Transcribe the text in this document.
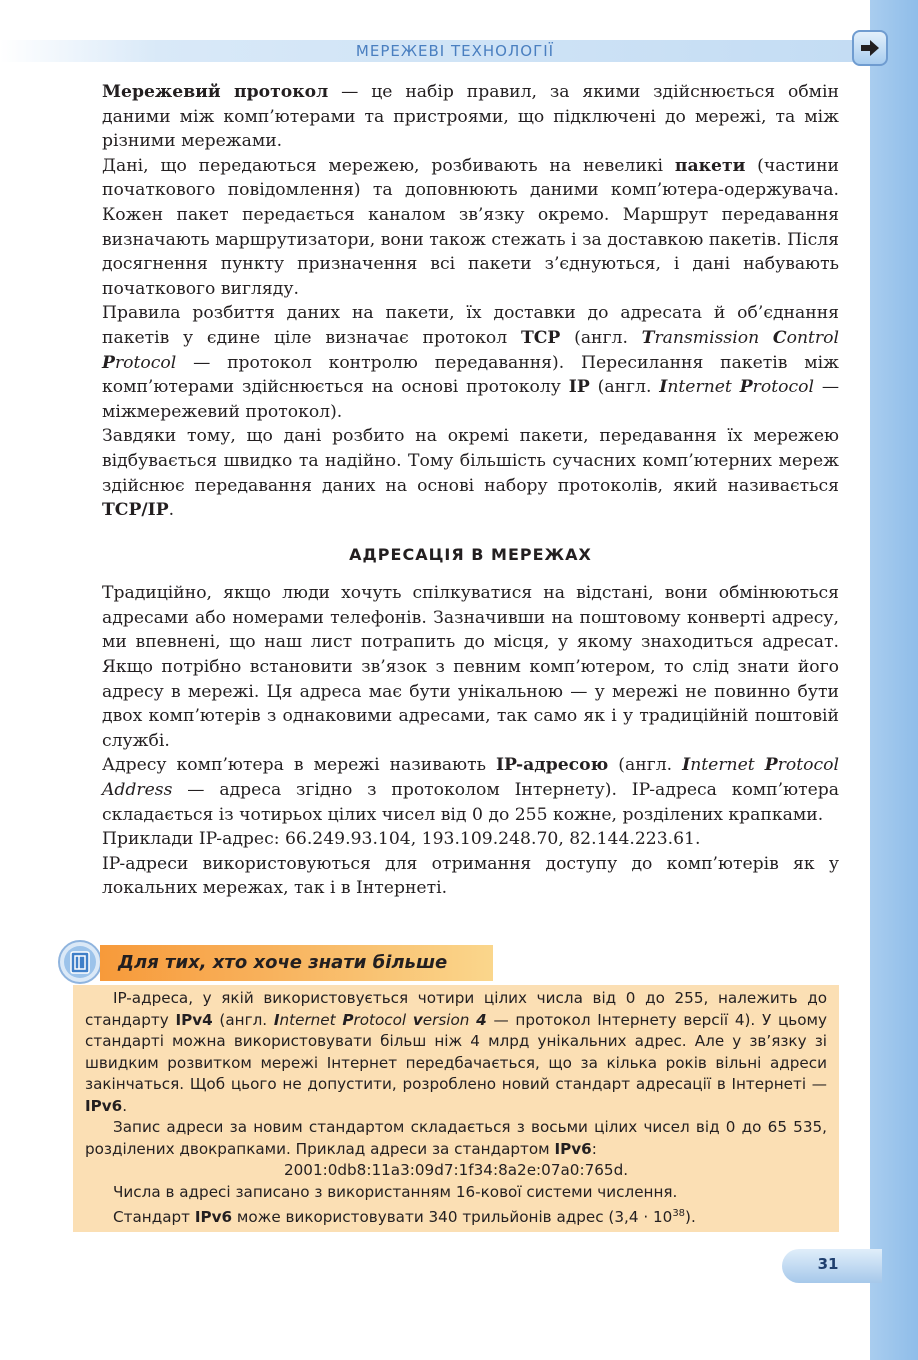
МЕРЕЖЕВІ ТЕХНОЛОГІЇ

Мережевий протокол — це набір правил, за якими здійснюється обмін даними між комп’ютерами та пристроями, що підключені до мережі, та між різними мережами.

Дані, що передаються мережею, розбивають на невеликі пакети (частини початкового повідомлення) та доповнюють даними комп’ютера-одержувача. Кожен пакет передається каналом зв’язку окремо. Маршрут передавання визначають маршрутизатори, вони також стежать і за доставкою пакетів. Після досягнення пункту призначення всі пакети з’єднуються, і дані набувають початкового вигляду.

Правила розбиття даних на пакети, їх доставки до адресата й об’єднання пакетів у єдине ціле визначає протокол TCP (англ. Transmission Control Protocol — протокол контролю передавання). Пересилання пакетів між комп’ютерами здійснюється на основі протоколу IP (англ. Internet Protocol — міжмережевий протокол).

Завдяки тому, що дані розбито на окремі пакети, передавання їх мережею відбувається швидко та надійно. Тому більшість сучасних комп’ютерних мереж здійснює передавання даних на основі набору протоколів, який називається TCP/IP.

АДРЕСАЦІЯ В МЕРЕЖАХ

Традиційно, якщо люди хочуть спілкуватися на відстані, вони обмінюються адресами або номерами телефонів. Зазначивши на поштовому конверті адресу, ми впевнені, що наш лист потрапить до місця, у якому знаходиться адресат. Якщо потрібно встановити зв’язок з певним комп’ютером, то слід знати його адресу в мережі. Ця адреса має бути унікальною — у мережі не повинно бути двох комп’ютерів з однаковими адресами, так само як і у традиційній поштовій службі.

Адресу комп’ютера в мережі називають IP-адресою (англ. Internet Protocol Address — адреса згідно з протоколом Інтернету). IP-адреса комп’ютера складається із чотирьох цілих чисел від 0 до 255 кожне, розділених крапками.

Приклади IP-адрес: 66.249.93.104, 193.109.248.70, 82.144.223.61.

IP-адреси використовуються для отримання доступу до комп’ютерів як у локальних мережах, так і в Інтернеті.

Для тих, хто хоче знати більше

IP-адреса, у якій використовується чотири цілих числа від 0 до 255, належить до стандарту IPv4 (англ. Internet Protocol version 4 — протокол Інтернету версії 4). У цьому стандарті можна використовувати більш ніж 4 млрд унікальних адрес. Але у зв’язку зі швидким розвитком мережі Інтернет передбачається, що за кілька років вільні адреси закінчаться. Щоб цього не допустити, розроблено новий стандарт адресації в Інтернеті — IPv6.

Запис адреси за новим стандартом складається з восьми цілих чисел від 0 до 65 535, розділених двокрапками. Приклад адреси за стандартом IPv6:

2001:0db8:11a3:09d7:1f34:8a2e:07a0:765d.

Числа в адресі записано з використанням 16-кової системи числення.

Стандарт IPv6 може використовувати 340 трильйонів адрес $(3,4 \cdot 10^{38})$.

31
